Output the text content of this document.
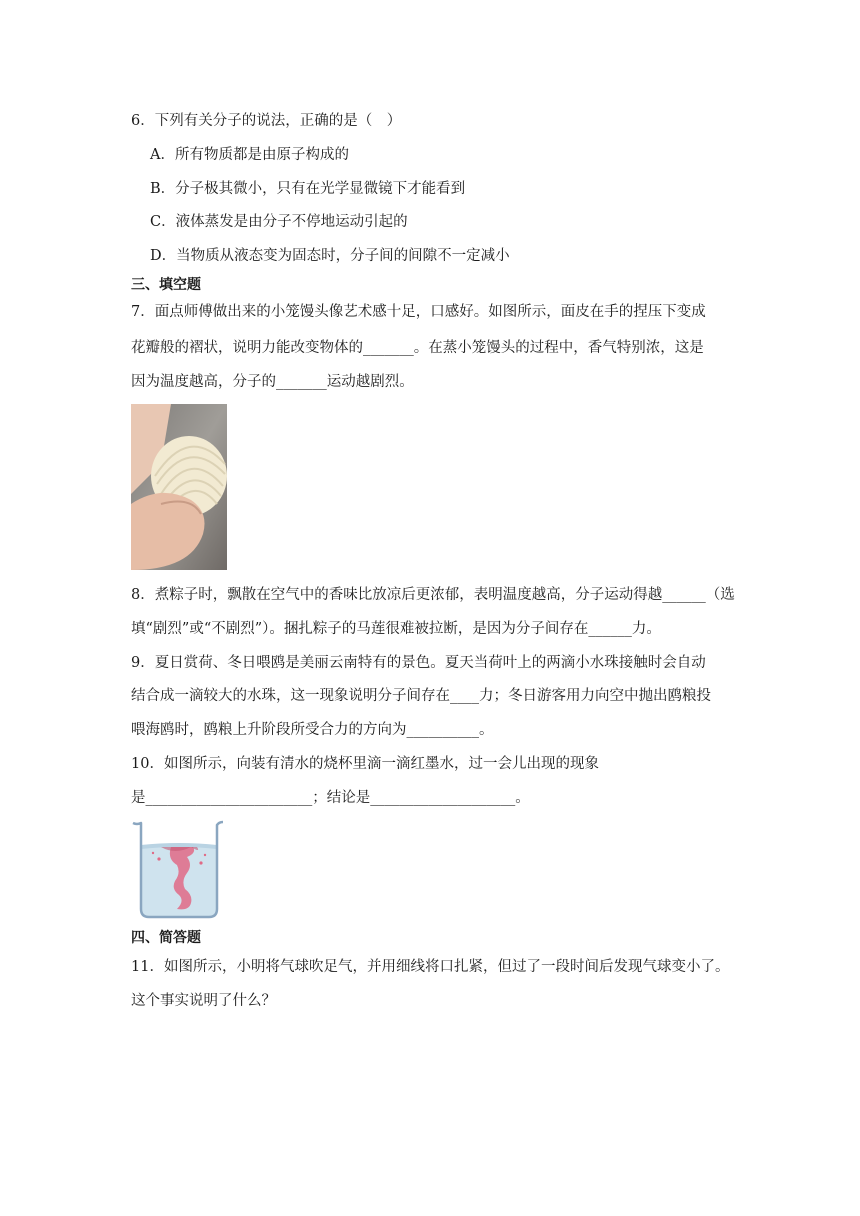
6．下列有关分子的说法，正确的是（　）
A．所有物质都是由原子构成的
B．分子极其微小，只有在光学显微镜下才能看到
C．液体蒸发是由分子不停地运动引起的
D．当物质从液态变为固态时，分子间的间隙不一定减小
三、填空题
7．面点师傅做出来的小笼馒头像艺术感十足，口感好。如图所示，面皮在手的捏压下变成
花瓣般的褶状，说明力能改变物体的_______。在蒸小笼馒头的过程中，香气特别浓，这是
因为温度越高，分子的_______运动越剧烈。
8．煮粽子时，飘散在空气中的香味比放凉后更浓郁，表明温度越高，分子运动得越______（选
填“剧烈”或“不剧烈”）。捆扎粽子的马莲很难被拉断，是因为分子间存在______力。
9．夏日赏荷、冬日喂鸥是美丽云南特有的景色。夏天当荷叶上的两滴小水珠接触时会自动
结合成一滴较大的水珠，这一现象说明分子间存在____力；冬日游客用力向空中抛出鸥粮投
喂海鸥时，鸥粮上升阶段所受合力的方向为__________。
10．如图所示，向装有清水的烧杯里滴一滴红墨水，过一会儿出现的现象
是_______________________；结论是____________________。
四、简答题
11．如图所示，小明将气球吹足气，并用细线将口扎紧，但过了一段时间后发现气球变小了。
这个事实说明了什么？
